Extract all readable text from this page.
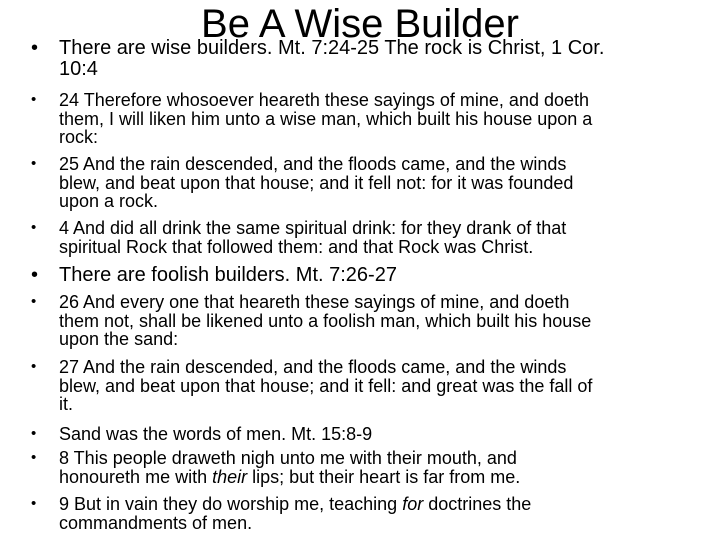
Be A Wise Builder
• There are wise builders. Mt. 7:24-25 The rock is Christ, 1 Cor.
10:4
• 24 Therefore whosoever heareth these sayings of mine, and doeth
them, I will liken him unto a wise man, which built his house upon a
rock:
• 25 And the rain descended, and the floods came, and the winds
blew, and beat upon that house; and it fell not: for it was founded
upon a rock.
• 4 And did all drink the same spiritual drink: for they drank of that
spiritual Rock that followed them: and that Rock was Christ.
• There are foolish builders. Mt. 7:26-27
• 26 And every one that heareth these sayings of mine, and doeth
them not, shall be likened unto a foolish man, which built his house
upon the sand:
• 27 And the rain descended, and the floods came, and the winds
blew, and beat upon that house; and it fell: and great was the fall of
it.
• Sand was the words of men. Mt. 15:8-9
• 8 This people draweth nigh unto me with their mouth, and
honoureth me with their lips; but their heart is far from me.
• 9 But in vain they do worship me, teaching for doctrines the
commandments of men.
